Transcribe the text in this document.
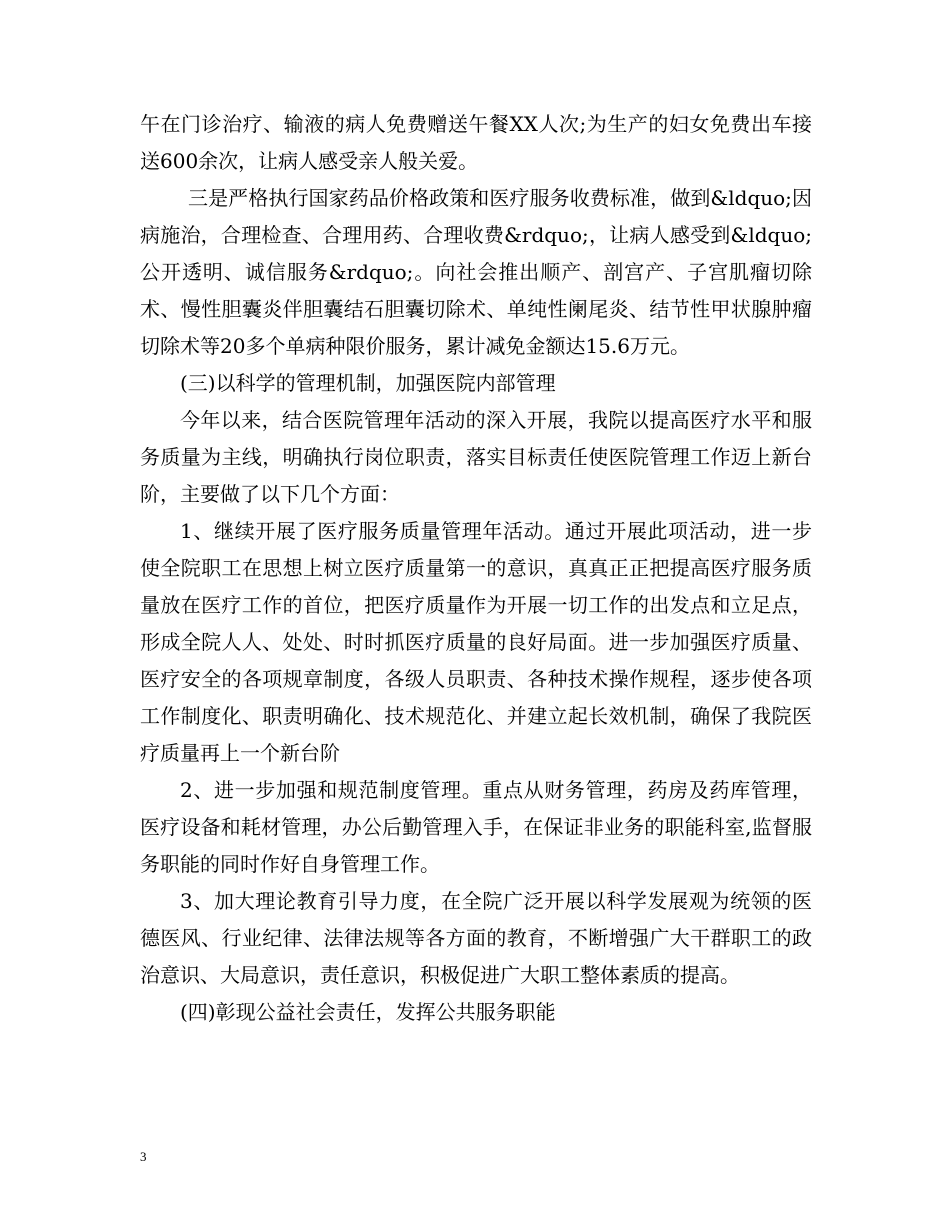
午在门诊治疗、输液的病人免费赠送午餐XX人次;为生产的妇女免费出车接送600余次，让病人感受亲人般关爱。

三是严格执行国家药品价格政策和医疗服务收费标准，做到&ldquo;因病施治，合理检查、合理用药、合理收费&rdquo;，让病人感受到&ldquo;公开透明、诚信服务&rdquo;。向社会推出顺产、剖宫产、子宫肌瘤切除术、慢性胆囊炎伴胆囊结石胆囊切除术、单纯性阑尾炎、结节性甲状腺肿瘤切除术等20多个单病种限价服务，累计减免金额达15.6万元。

(三)以科学的管理机制，加强医院内部管理

今年以来，结合医院管理年活动的深入开展，我院以提高医疗水平和服务质量为主线，明确执行岗位职责，落实目标责任使医院管理工作迈上新台阶，主要做了以下几个方面：

1、继续开展了医疗服务质量管理年活动。通过开展此项活动，进一步使全院职工在思想上树立医疗质量第一的意识，真真正正把提高医疗服务质量放在医疗工作的首位，把医疗质量作为开展一切工作的出发点和立足点，形成全院人人、处处、时时抓医疗质量的良好局面。进一步加强医疗质量、医疗安全的各项规章制度，各级人员职责、各种技术操作规程，逐步使各项工作制度化、职责明确化、技术规范化、并建立起长效机制，确保了我院医疗质量再上一个新台阶

2、进一步加强和规范制度管理。重点从财务管理，药房及药库管理，医疗设备和耗材管理，办公后勤管理入手，在保证非业务的职能科室,监督服务职能的同时作好自身管理工作。

3、加大理论教育引导力度，在全院广泛开展以科学发展观为统领的医德医风、行业纪律、法律法规等各方面的教育，不断增强广大干群职工的政治意识、大局意识，责任意识，积极促进广大职工整体素质的提高。

(四)彰现公益社会责任，发挥公共服务职能

3
